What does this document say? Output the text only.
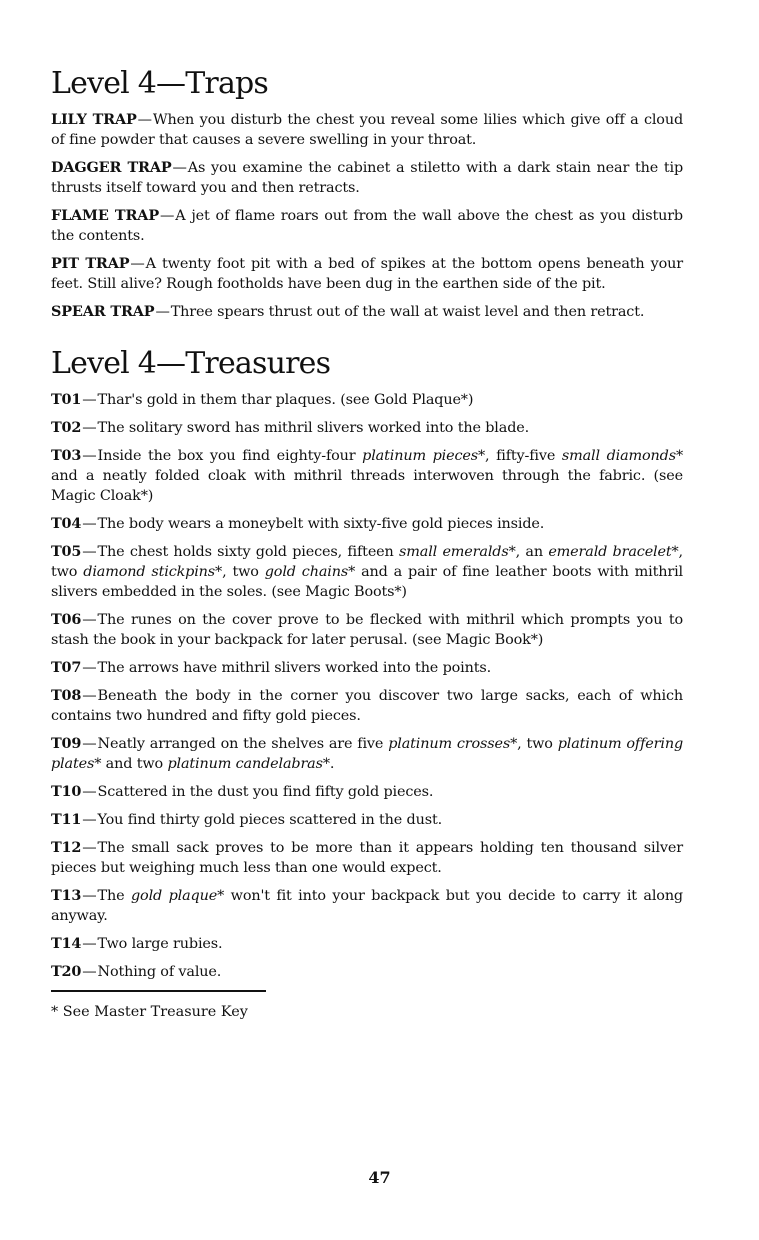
Level 4—Traps

LILY TRAP—When you disturb the chest you reveal some lilies which give off a cloud of fine powder that causes a severe swelling in your throat.

DAGGER TRAP—As you examine the cabinet a stiletto with a dark stain near the tip thrusts itself toward you and then retracts.

FLAME TRAP—A jet of flame roars out from the wall above the chest as you disturb the contents.

PIT TRAP—A twenty foot pit with a bed of spikes at the bottom opens beneath your feet. Still alive? Rough footholds have been dug in the earthen side of the pit.

SPEAR TRAP—Three spears thrust out of the wall at waist level and then retract.

Level 4—Treasures

T01—Thar's gold in them thar plaques. (see Gold Plaque*)

T02—The solitary sword has mithril slivers worked into the blade.

T03—Inside the box you find eighty-four platinum pieces*, fifty-five small diamonds* and a neatly folded cloak with mithril threads interwoven through the fabric. (see Magic Cloak*)

T04—The body wears a moneybelt with sixty-five gold pieces inside.

T05—The chest holds sixty gold pieces, fifteen small emeralds*, an emerald bracelet*, two diamond stickpins*, two gold chains* and a pair of fine leather boots with mithril slivers embedded in the soles. (see Magic Boots*)

T06—The runes on the cover prove to be flecked with mithril which prompts you to stash the book in your backpack for later perusal. (see Magic Book*)

T07—The arrows have mithril slivers worked into the points.

T08—Beneath the body in the corner you discover two large sacks, each of which contains two hundred and fifty gold pieces.

T09—Neatly arranged on the shelves are five platinum crosses*, two platinum offering plates* and two platinum candelabras*.

T10—Scattered in the dust you find fifty gold pieces.

T11—You find thirty gold pieces scattered in the dust.

T12—The small sack proves to be more than it appears holding ten thousand silver pieces but weighing much less than one would expect.

T13—The gold plaque* won't fit into your backpack but you decide to carry it along anyway.

T14—Two large rubies.

T20—Nothing of value.

* See Master Treasure Key
47
